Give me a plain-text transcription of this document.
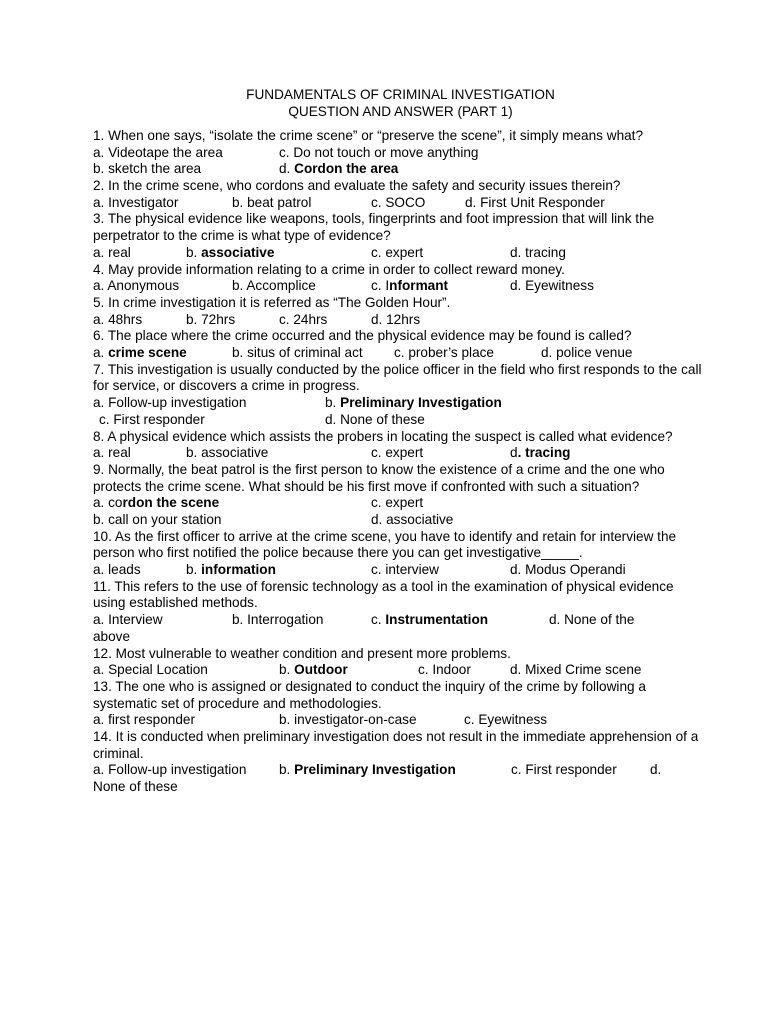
FUNDAMENTALS OF CRIMINAL INVESTIGATION
QUESTION AND ANSWER (PART 1)
1. When one says, “isolate the crime scene” or “preserve the scene”, it simply means what?
a. Videotape the area	c. Do not touch or move anything
b. sketch the area	d. Cordon the area
2. In the crime scene, who cordons and evaluate the safety and security issues therein?
a. Investigator	b. beat patrol	c. SOCO	d. First Unit Responder
3. The physical evidence like weapons, tools, fingerprints and foot impression that will link the perpetrator to the crime is what type of evidence?
a. real	b. associative	c. expert	d. tracing
4. May provide information relating to a crime in order to collect reward money.
a. Anonymous	b. Accomplice	c. Informant	d. Eyewitness
5. In crime investigation it is referred as “The Golden Hour”.
a. 48hrs	b. 72hrs	c. 24hrs	d. 12hrs
6. The place where the crime occurred and the physical evidence may be found is called?
a. crime scene	b. situs of criminal act c. prober’s place	d. police venue
7. This investigation is usually conducted by the police officer in the field who first responds to the call for service, or discovers a crime in progress.
a. Follow-up investigation	b. Preliminary Investigation
c. First responder	d. None of these
8. A physical evidence which assists the probers in locating the suspect is called what evidence?
a. real	b. associative	c. expert	d. tracing
9. Normally, the beat patrol is the first person to know the existence of a crime and the one who protects the crime scene. What should be his first move if confronted with such a situation?
a. cordon the scene	c. expert
b. call on your station	d. associative
10. As the first officer to arrive at the crime scene, you have to identify and retain for interview the person who first notified the police because there you can get investigative_____.
a. leads	b. information	c. interview	d. Modus Operandi
11. This refers to the use of forensic technology as a tool in the examination of physical evidence using established methods.
a. Interview	b. Interrogation	c. Instrumentation	d. None of the
above
12. Most vulnerable to weather condition and present more problems.
a. Special Location	b. Outdoor	c. Indoor	d. Mixed Crime scene
13. The one who is assigned or designated to conduct the inquiry of the crime by following a systematic set of procedure and methodologies.
a. first responder	b. investigator-on-case	c. Eyewitness
14. It is conducted when preliminary investigation does not result in the immediate apprehension of a criminal.
a. Follow-up investigation b. Preliminary Investigation	c. First responder d.
None of these
